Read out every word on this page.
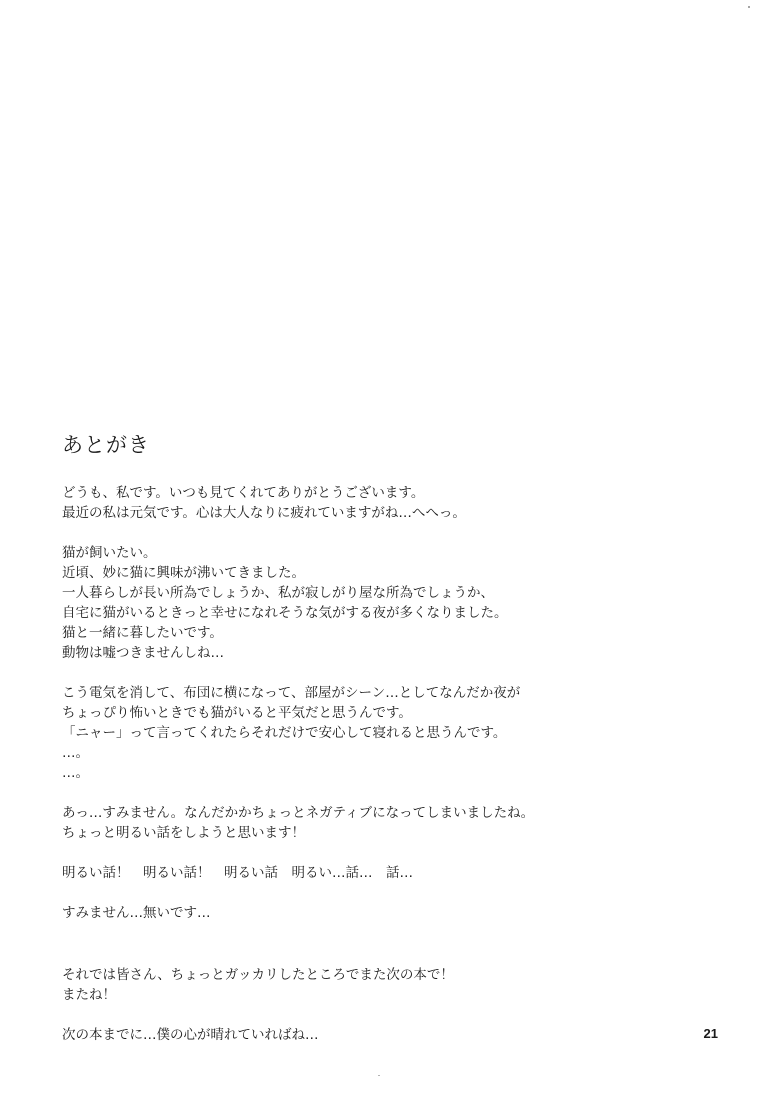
あとがき
どうも、私です。いつも見てくれてありがとうございます。
最近の私は元気です。心は大人なりに疲れていますがね…へへっ。
猫が飼いたい。
近頃、妙に猫に興味が沸いてきました。
一人暮らしが長い所為でしょうか、私が寂しがり屋な所為でしょうか、
自宅に猫がいるときっと幸せになれそうな気がする夜が多くなりました。
猫と一緒に暮したいです。
動物は嘘つきませんしね…
こう電気を消して、布団に横になって、部屋がシーン…としてなんだか夜が
ちょっぴり怖いときでも猫がいると平気だと思うんです。
「ニャー」って言ってくれたらそれだけで安心して寝れると思うんです。
…。
…。
あっ…すみません。なんだかかちょっとネガティブになってしまいましたね。
ちょっと明るい話をしようと思います！
明るい話！　明るい話！　明るい話　明るい…話…　話…
すみません…無いです…
それでは皆さん、ちょっとガッカリしたところでまた次の本で！
またね！
次の本までに…僕の心が晴れていればね…	21
